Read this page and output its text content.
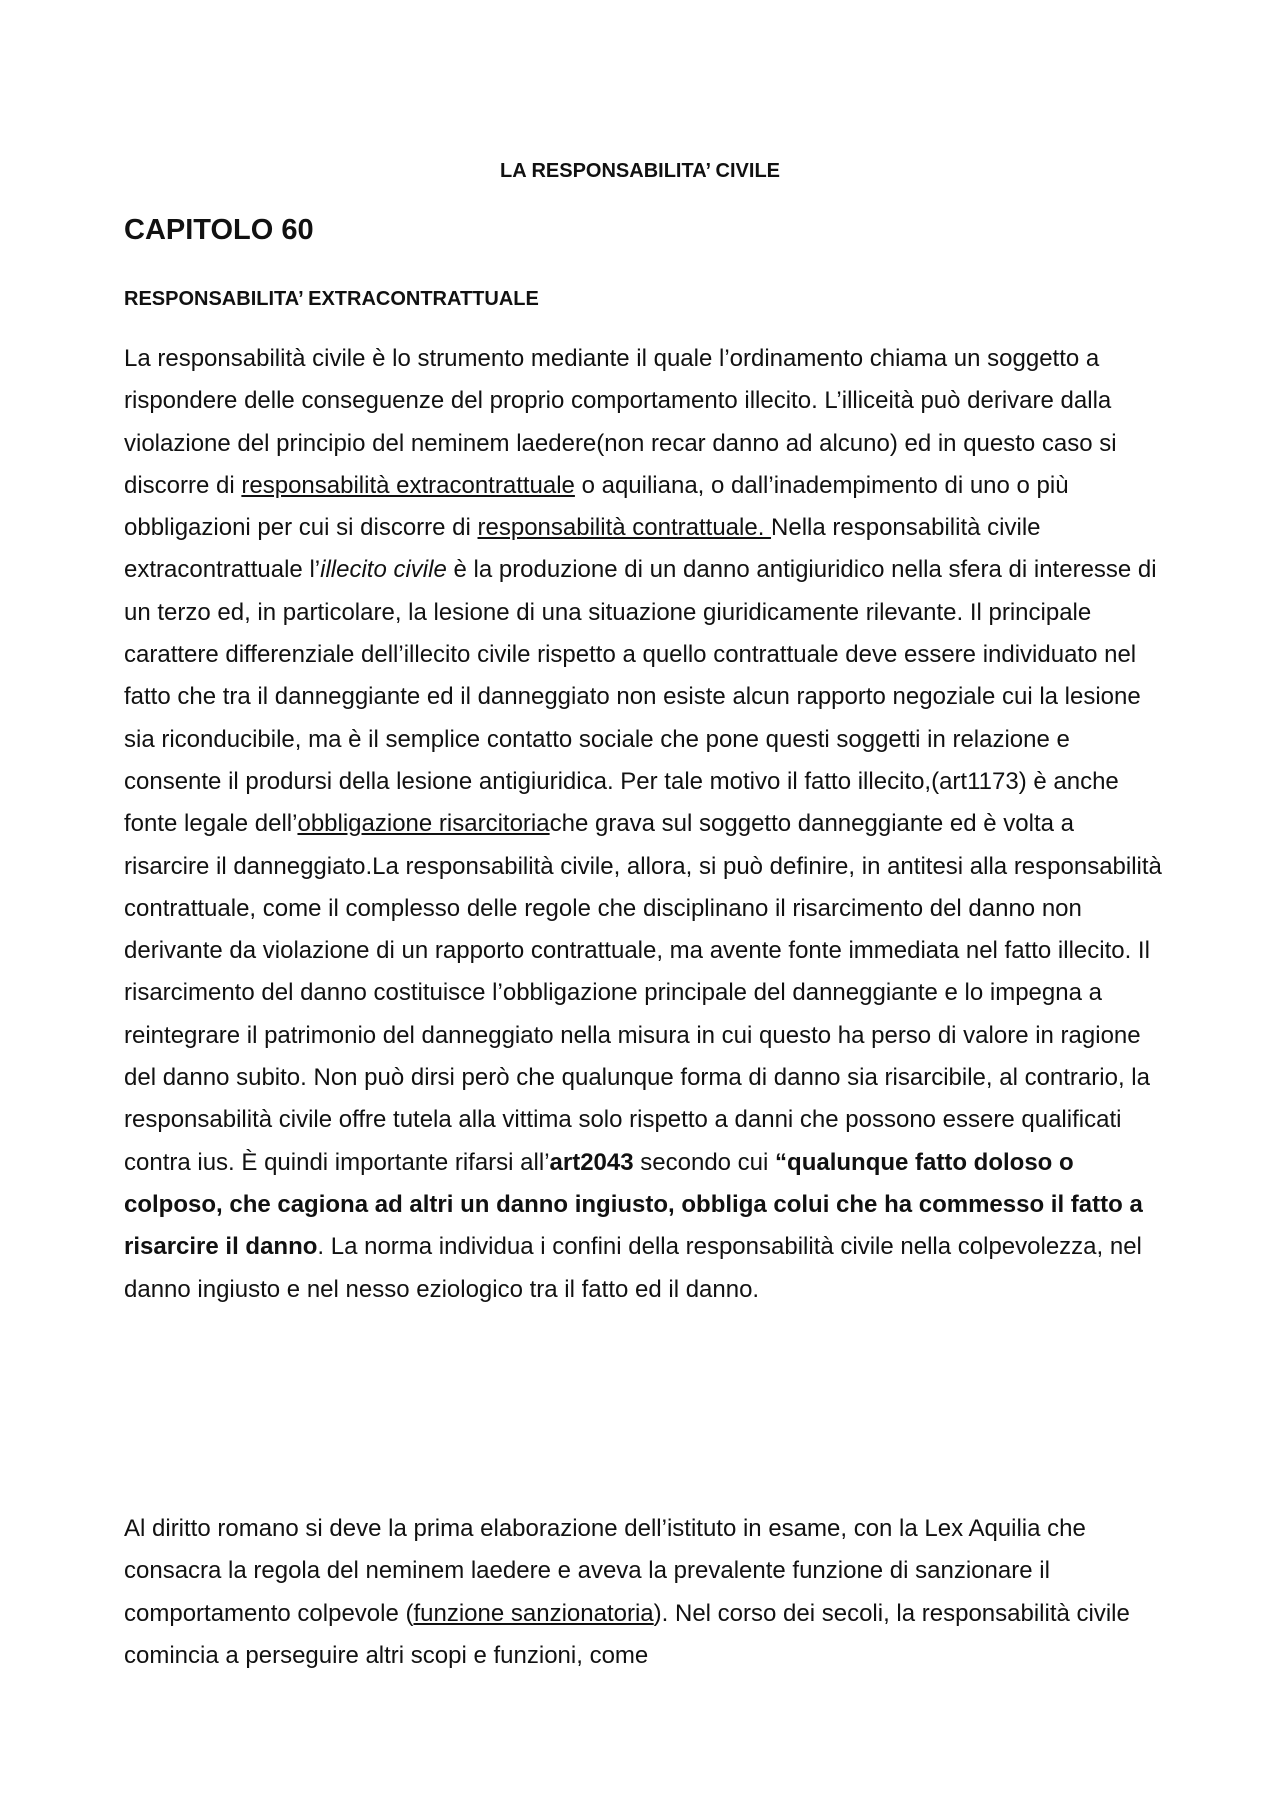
LA RESPONSABILITA’ CIVILE
CAPITOLO 60
RESPONSABILITA’ EXTRACONTRATTUALE

La responsabilità civile è lo strumento mediante il quale l’ordinamento chiama un soggetto a rispondere delle conseguenze del proprio comportamento illecito. L’illiceità può derivare dalla violazione del principio del neminem laedere(non recar danno ad alcuno) ed in questo caso si discorre di responsabilità extracontrattuale o aquiliana, o dall’inadempimento di uno o più obbligazioni per cui si discorre di responsabilità contrattuale. Nella responsabilità civile extracontrattuale l’illecito civile è la produzione di un danno antigiuridico nella sfera di interesse di un terzo ed, in particolare, la lesione di una situazione giuridicamente rilevante. Il principale carattere differenziale dell’illecito civile rispetto a quello contrattuale deve essere individuato nel fatto che tra il danneggiante ed il danneggiato non esiste alcun rapporto negoziale cui la lesione sia riconducibile, ma è il semplice contatto sociale che pone questi soggetti in relazione e consente il prodursi della lesione antigiuridica. Per tale motivo il fatto illecito,(art1173) è anche fonte legale dell’obbligazione risarcitoriache grava sul soggetto danneggiante ed è volta a risarcire il danneggiato.La responsabilità civile, allora, si può definire, in antitesi alla responsabilità contrattuale, come il complesso delle regole che disciplinano il risarcimento del danno non derivante da violazione di un rapporto contrattuale, ma avente fonte immediata nel fatto illecito. Il risarcimento del danno costituisce l’obbligazione principale del danneggiante e lo impegna a reintegrare il patrimonio del danneggiato nella misura in cui questo ha perso di valore in ragione del danno subito. Non può dirsi però che qualunque forma di danno sia risarcibile, al contrario, la responsabilità civile offre tutela alla vittima solo rispetto a danni che possono essere qualificati contra ius. È quindi importante rifarsi all’art2043 secondo cui “qualunque fatto doloso o colposo, che cagiona ad altri un danno ingiusto, obbliga colui che ha commesso il fatto a risarcire il danno. La norma individua i confini della responsabilità civile nella colpevolezza, nel danno ingiusto e nel nesso eziologico tra il fatto ed il danno.

Al diritto romano si deve la prima elaborazione dell’istituto in esame, con la Lex Aquilia che consacra la regola del neminem laedere e aveva la prevalente funzione di sanzionare il comportamento colpevole (funzione sanzionatoria). Nel corso dei secoli, la responsabilità civile comincia a perseguire altri scopi e funzioni, come
